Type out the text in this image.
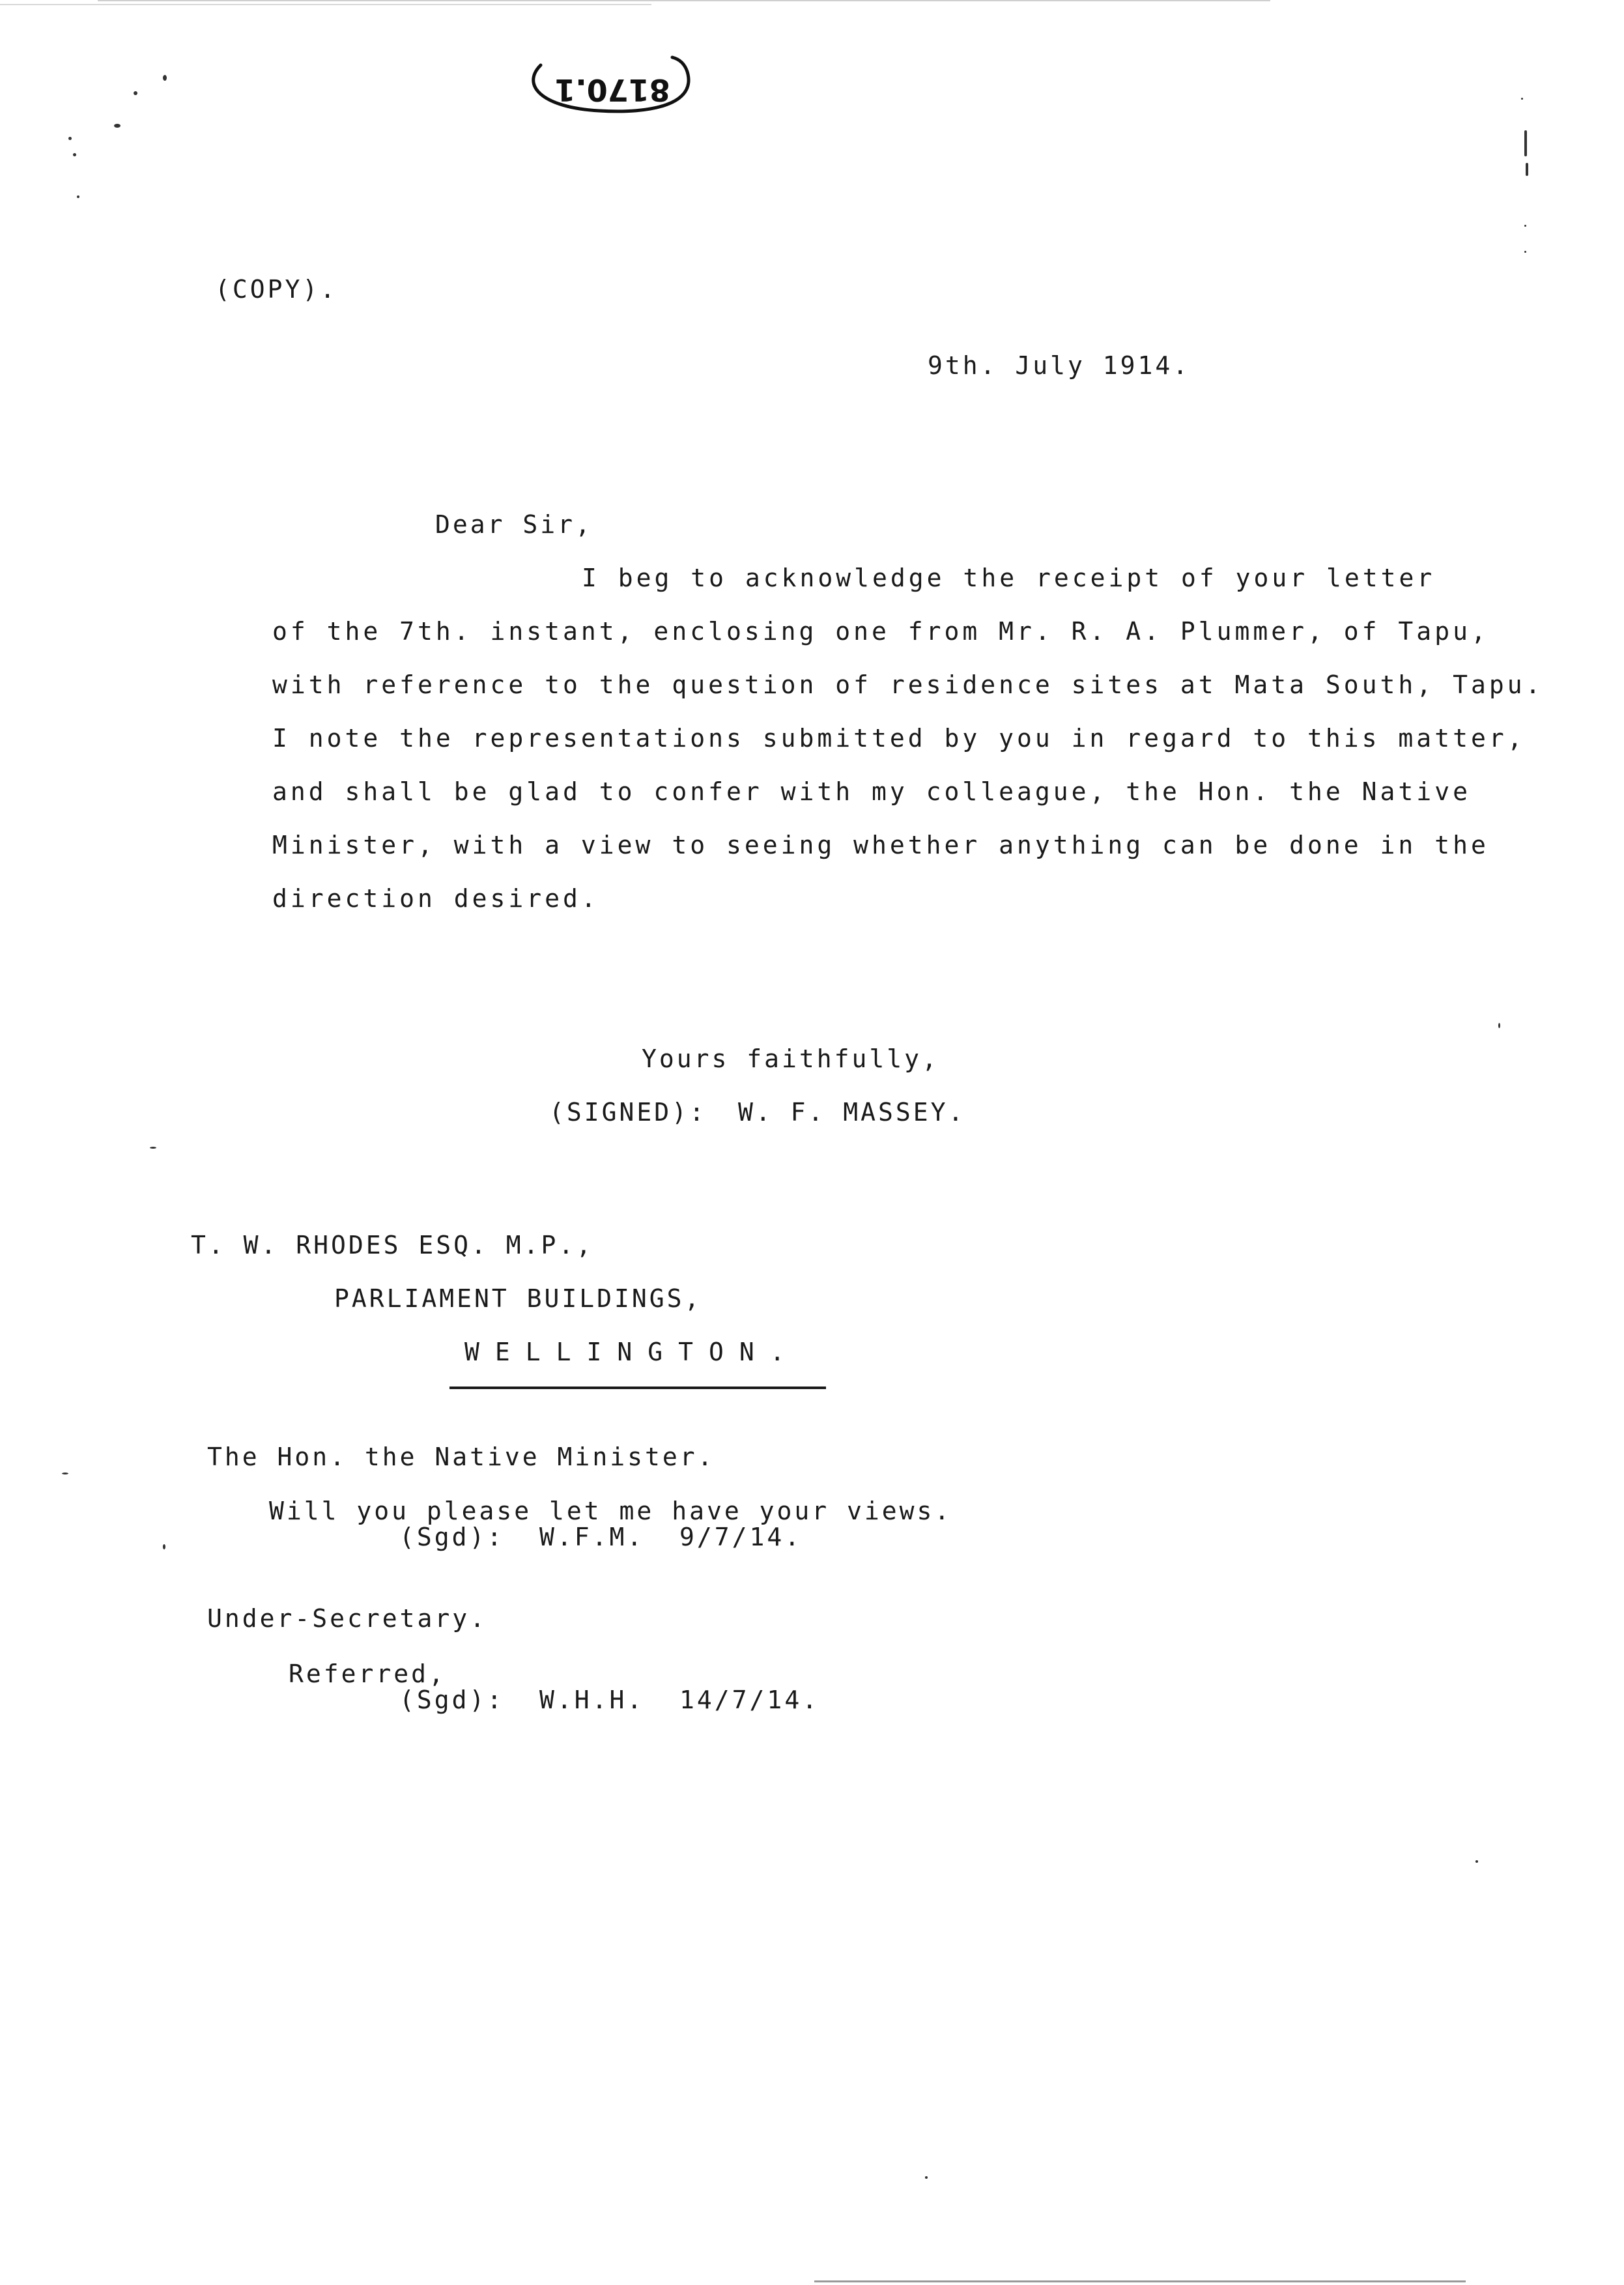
8170.1
(COPY).
9th. July 1914.
Dear Sir,
I beg to acknowledge the receipt of your letter
of the 7th. instant, enclosing one from Mr. R. A. Plummer, of Tapu,
with reference to the question of residence sites at Mata South, Tapu.
I note the representations submitted by you in regard to this matter,
and shall be glad to confer with my colleague, the Hon. the Native
Minister, with a view to seeing whether anything can be done in the
direction desired.
Yours faithfully,
(SIGNED): W. F. MASSEY.
T. W. RHODES ESQ. M.P.,
PARLIAMENT BUILDINGS,
WELLINGTON.
The Hon. the Native Minister.
Will you please let me have your views.
(Sgd):  W.F.M.  9/7/14.
Under-Secretary.
Referred,
(Sgd):  W.H.H.  14/7/14.
